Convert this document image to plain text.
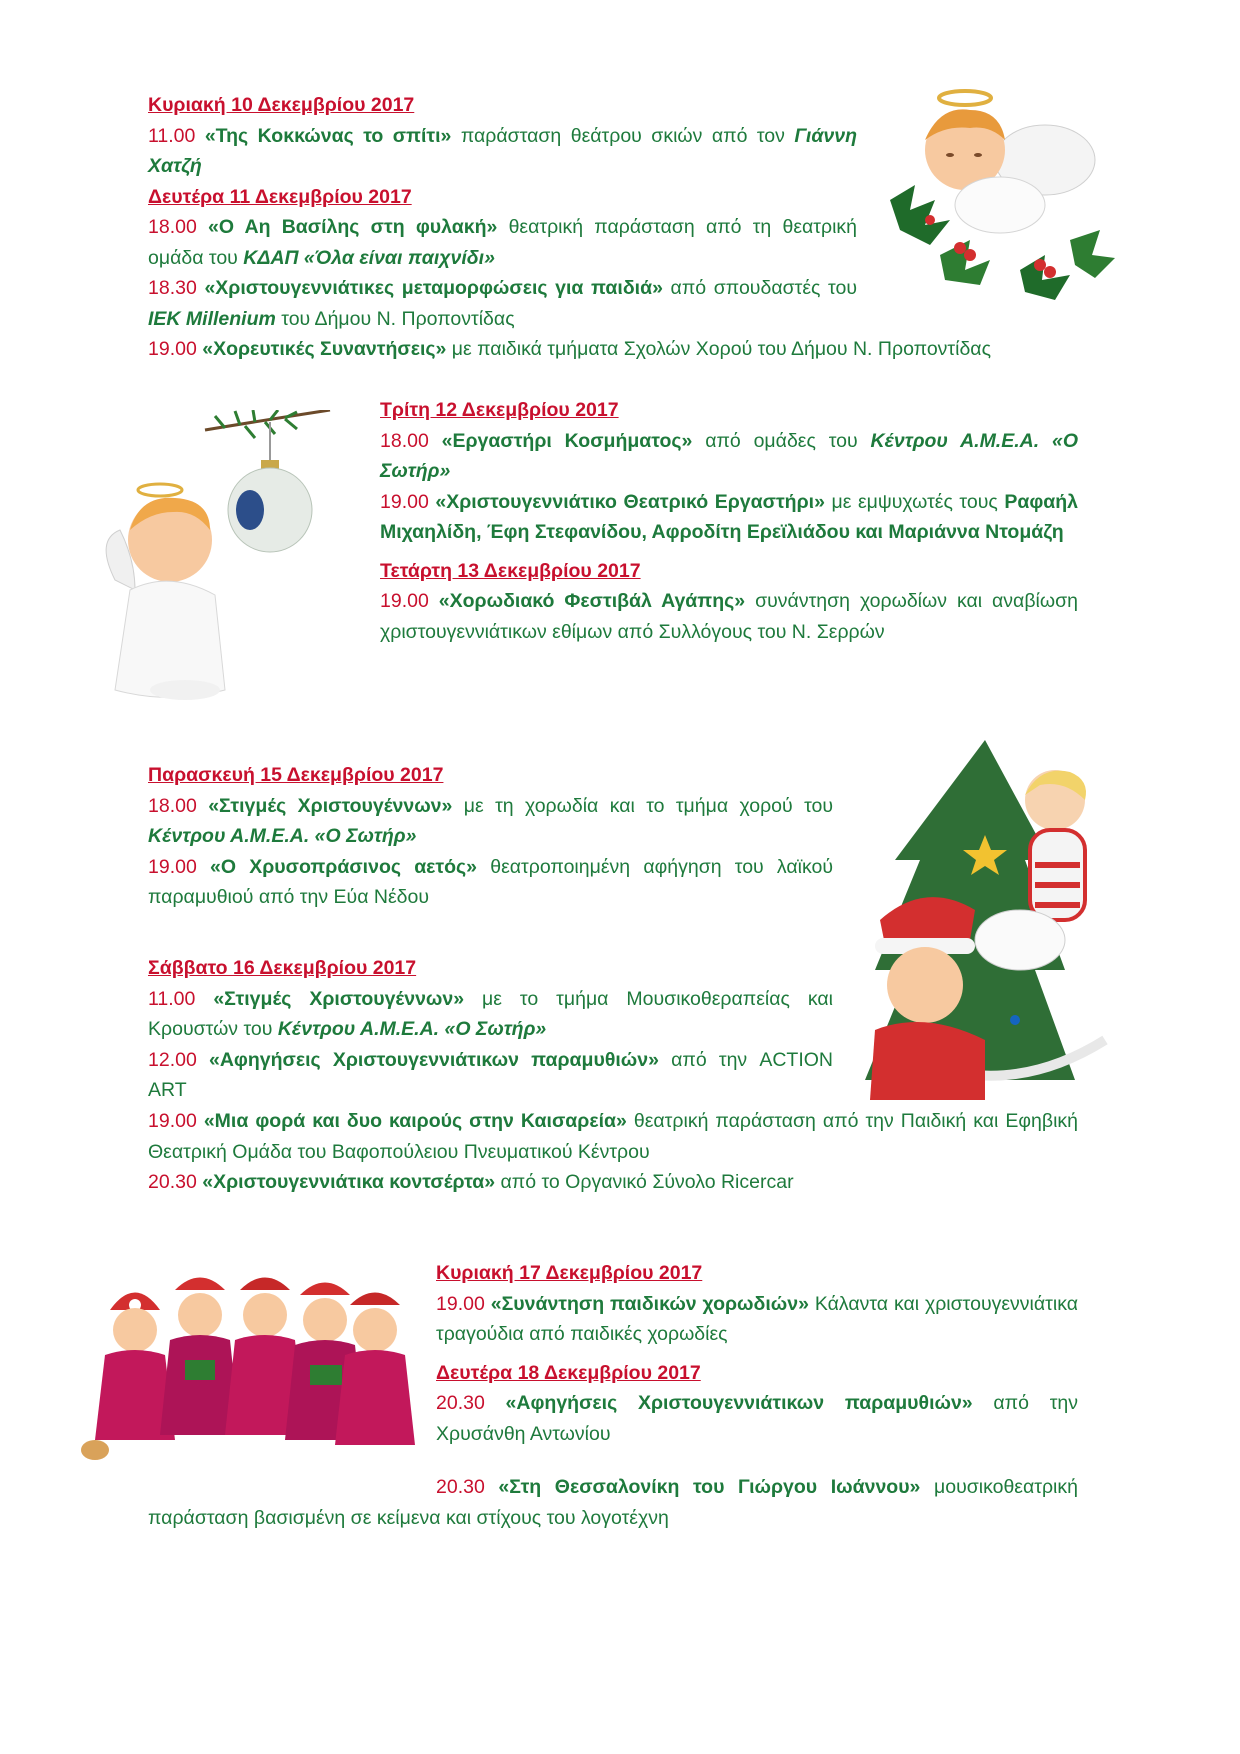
Κυριακή 10 Δεκεμβρίου 2017

11.00 «Της Κοκκώνας το σπίτι» παράσταση θεάτρου σκιών από τον Γιάννη Χατζή

Δευτέρα 11 Δεκεμβρίου 2017

18.00 «Ο Αη Βασίλης στη φυλακή» θεατρική παράσταση από τη θεατρική ομάδα του ΚΔΑΠ «Όλα είναι παιχνίδι»

18.30 «Χριστουγεννιάτικες μεταμορφώσεις για παιδιά» από σπουδαστές του ΙΕΚ Millenium του Δήμου Ν. Προποντίδας

19.00 «Χορευτικές Συναντήσεις» με παιδικά τμήματα Σχολών Χορού του Δήμου Ν. Προποντίδας

Τρίτη 12 Δεκεμβρίου 2017

18.00 «Εργαστήρι Κοσμήματος» από ομάδες του Κέντρου Α.Μ.Ε.Α. «Ο Σωτήρ»

19.00 «Χριστουγεννιάτικο Θεατρικό Εργαστήρι» με εμψυχωτές τους Ραφαήλ Μιχαηλίδη, Έφη Στεφανίδου, Αφροδίτη Ερεϊλιάδου και Μαριάννα Ντομάζη

Τετάρτη 13 Δεκεμβρίου 2017

19.00 «Χορωδιακό Φεστιβάλ Αγάπης» συνάντηση χορωδίων και αναβίωση χριστουγεννιάτικων εθίμων από Συλλόγους του Ν. Σερρών

Παρασκευή 15 Δεκεμβρίου 2017

18.00 «Στιγμές Χριστουγέννων» με τη χορωδία και το τμήμα χορού του Κέντρου Α.Μ.Ε.Α. «Ο Σωτήρ»

19.00 «Ο Χρυσοπράσινος αετός» θεατροποιημένη αφήγηση του λαϊκού παραμυθιού από την Εύα Νέδου

Σάββατο 16 Δεκεμβρίου 2017

11.00 «Στιγμές Χριστουγέννων» με το τμήμα Μουσικοθεραπείας και Κρουστών του Κέντρου Α.Μ.Ε.Α. «Ο Σωτήρ»

12.00 «Αφηγήσεις Χριστουγεννιάτικων παραμυθιών» από την ACTION ART

19.00 «Μια φορά και δυο καιρούς στην Καισαρεία» θεατρική παράσταση από την Παιδική και Εφηβική Θεατρική Ομάδα του Βαφοπούλειου Πνευματικού Κέντρου

20.30 «Χριστουγεννιάτικα κοντσέρτα» από το Οργανικό Σύνολο Ricercar

Κυριακή 17 Δεκεμβρίου 2017

19.00 «Συνάντηση παιδικών χορωδιών» Κάλαντα και χριστουγεννιάτικα τραγούδια από παιδικές χορωδίες

Δευτέρα 18 Δεκεμβρίου 2017

20.30 «Αφηγήσεις Χριστουγεννιάτικων παραμυθιών» από την Χρυσάνθη Αντωνίου

20.30 «Στη Θεσσαλονίκη του Γιώργου Ιωάννου» μουσικοθεατρική παράσταση βασισμένη σε κείμενα και στίχους του λογοτέχνη
